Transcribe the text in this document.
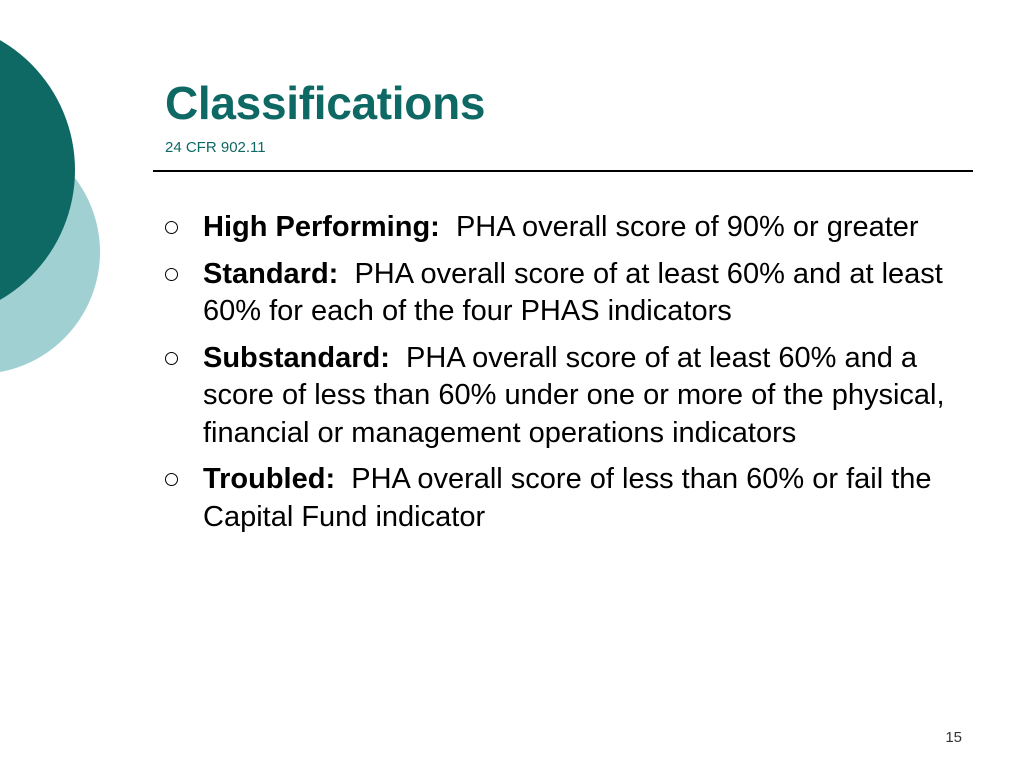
Classifications
24 CFR 902.11
High Performing: PHA overall score of 90% or greater
Standard: PHA overall score of at least 60% and at least 60% for each of the four PHAS indicators
Substandard: PHA overall score of at least 60% and a score of less than 60% under one or more of the physical, financial or management operations indicators
Troubled: PHA overall score of less than 60% or fail the Capital Fund indicator
15
